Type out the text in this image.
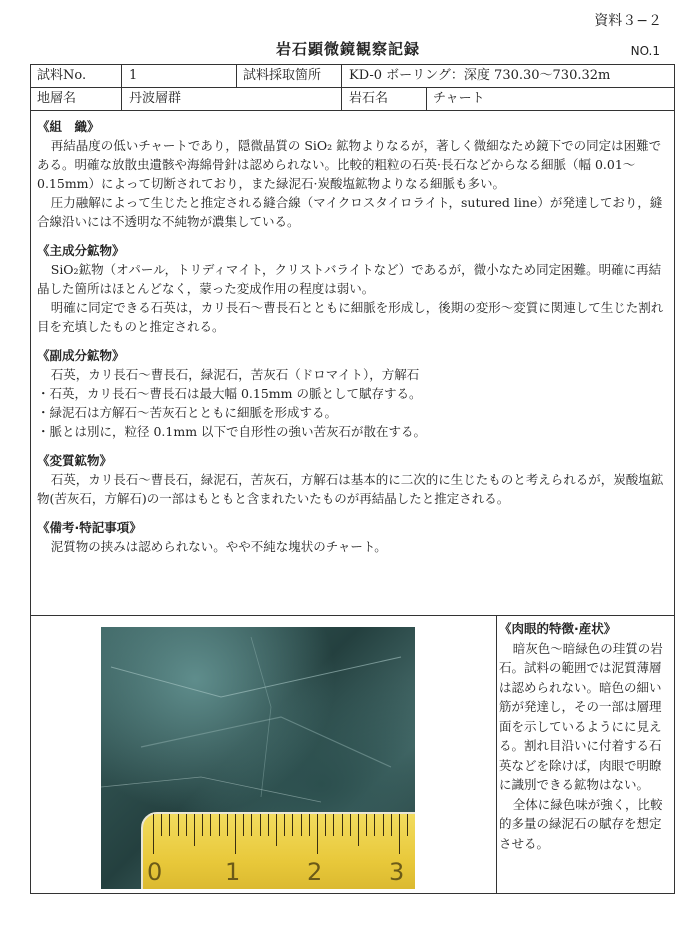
資料３−２
岩石顕微鏡観察記録	NO.1
試料No.	1	試料採取箇所 KD-0 ボーリング：深度 730.30～730.32m
地層名	丹波層群	岩石名	チャート
《組　織》
再結晶度の低いチャートであり，隠微晶質の SiO₂ 鉱物よりなるが，著しく微細なため鏡下での同定は困難である。明確な放散虫遺骸や海綿骨針は認められない。比較的粗粒の石英·長石などからなる細脈（幅 0.01～0.15mm）によって切断されており，また緑泥石·炭酸塩鉱物よりなる細脈も多い。
圧力融解によって生じたと推定される縫合線（マイクロスタイロライト，sutured line）が発達しており，縫合線沿いには不透明な不純物が濃集している。
《主成分鉱物》
SiO₂鉱物（オパール，トリディマイト，クリストバライトなど）であるが，微小なため同定困難。明確に再結晶した箇所はほとんどなく，蒙った変成作用の程度は弱い。
明確に同定できる石英は，カリ長石～曹長石とともに細脈を形成し，後期の変形～変質に関連して生じた割れ目を充填したものと推定される。
《副成分鉱物》
石英，カリ長石～曹長石，緑泥石，苦灰石（ドロマイト），方解石
・石英，カリ長石～曹長石は最大幅 0.15mm の脈として賦存する。
・緑泥石は方解石～苦灰石とともに細脈を形成する。
・脈とは別に，粒径 0.1mm 以下で自形性の強い苦灰石が散在する。
《変質鉱物》
石英，カリ長石～曹長石，緑泥石，苦灰石，方解石は基本的に二次的に生じたものと考えられるが，炭酸塩鉱物(苦灰石，方解石)の一部はもともと含まれたいたものが再結晶したと推定される。
《備考·特記事項》
泥質物の挟みは認められない。やや不純な塊状のチャート。
0	1	2	3
《肉眼的特徴·産状》
暗灰色～暗緑色の珪質の岩石。試料の範囲では泥質薄層は認められない。暗色の細い筋が発達し，その一部は層理面を示しているようにに見える。割れ目沿いに付着する石英などを除けば，肉眼で明瞭に識別できる鉱物はない。
全体に緑色味が強く，比較的多量の緑泥石の賦存を想定させる。
